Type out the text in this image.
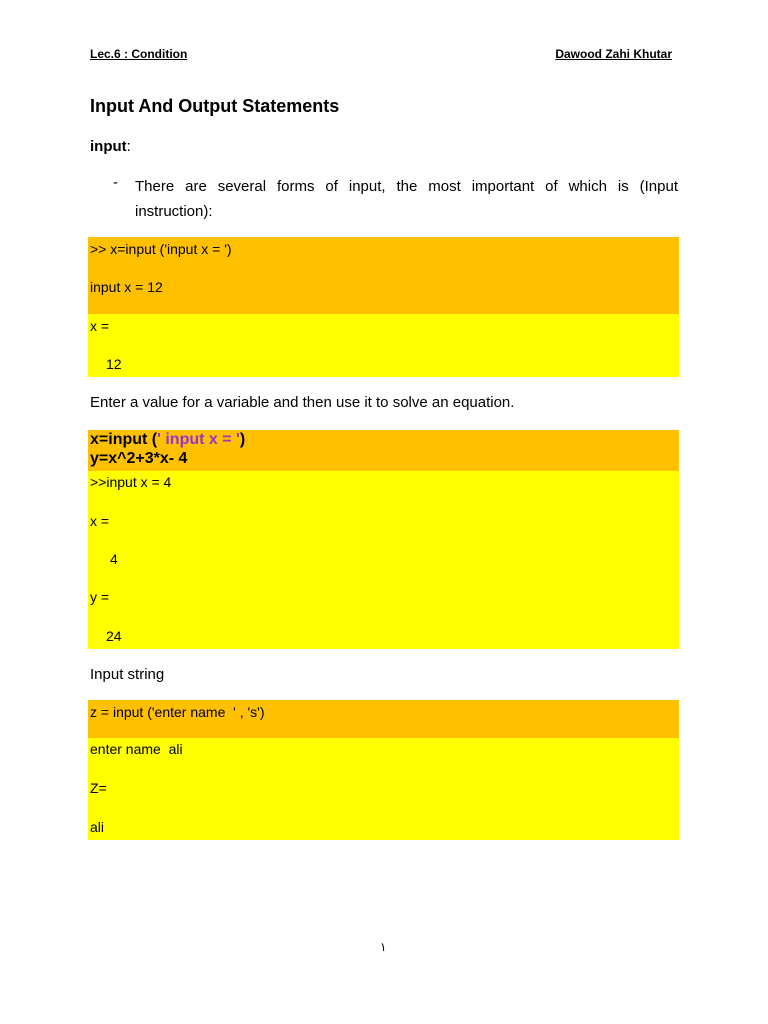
Lec.6 : Condition	Dawood Zahi Khutar
Input And Output Statements
input:
- There are several forms of input, the most important of which is (Input instruction):
>> x=input ('input x = ')
input x = 12
x =
12
Enter a value for a variable and then use it to solve an equation.
x=input (' input x = ')
y=x^2+3*x- 4
>>input x = 4
x =
4
y =
24
Input string
z = input ('enter name  ' , 's')
enter name  ali
Z=
ali
١
